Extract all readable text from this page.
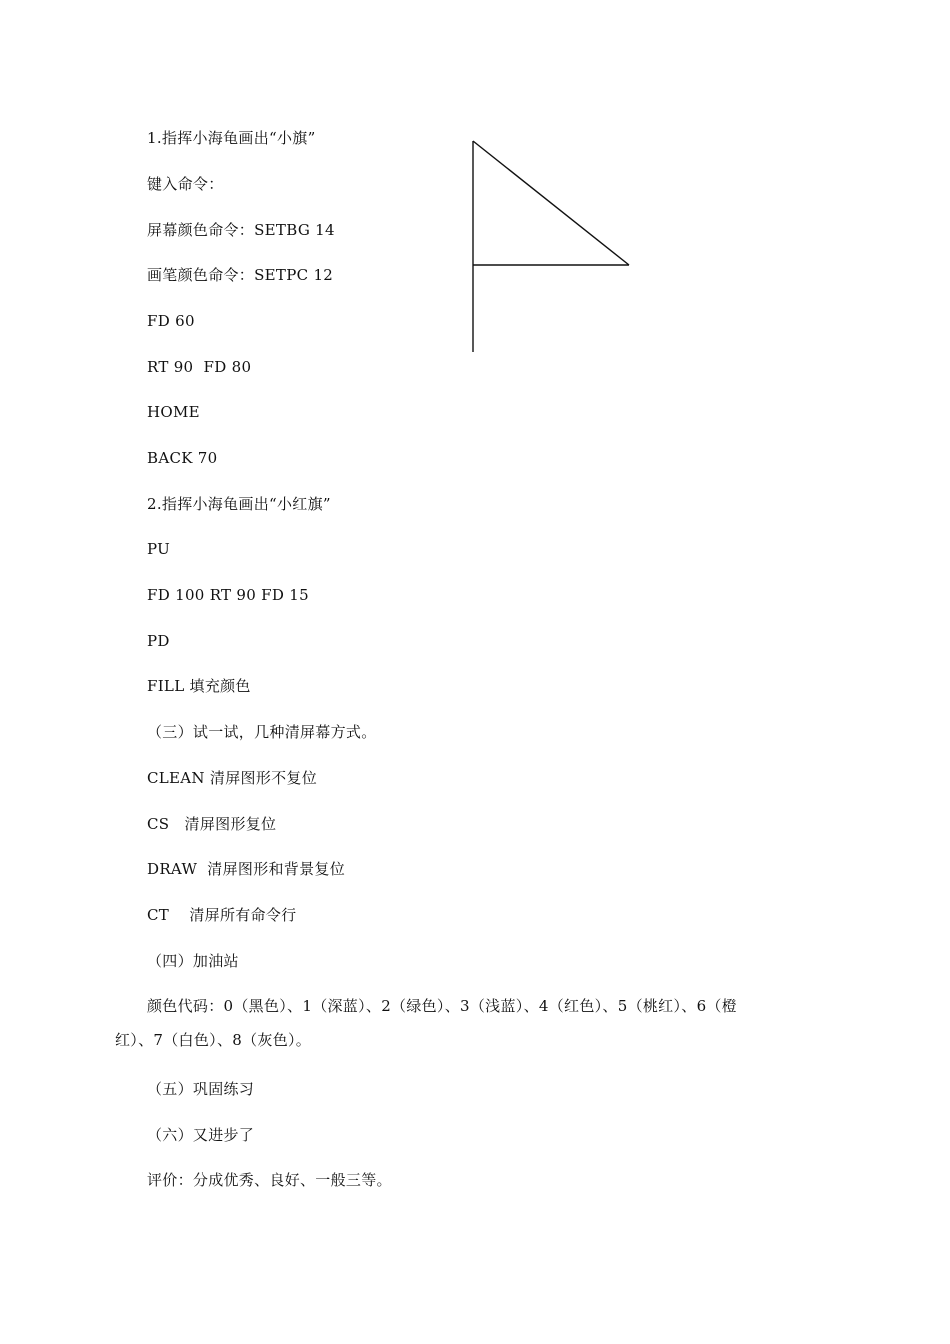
1.指挥小海龟画出“小旗”
键入命令：
屏幕颜色命令：SETBG 14
画笔颜色命令：SETPC 12
FD 60
RT 90  FD 80
HOME
BACK 70
2.指挥小海龟画出“小红旗”
PU
FD 100 RT 90 FD 15
PD
FILL 填充颜色
（三）试一试，几种清屏幕方式。
CLEAN 清屏图形不复位
CS   清屏图形复位
DRAW  清屏图形和背景复位
CT    清屏所有命令行
（四）加油站
颜色代码：0（黑色）、1（深蓝）、2（绿色）、3（浅蓝）、4（红色）、5（桃红）、6（橙
红）、7（白色）、8（灰色）。
（五）巩固练习
（六）又进步了
评价：分成优秀、良好、一般三等。
